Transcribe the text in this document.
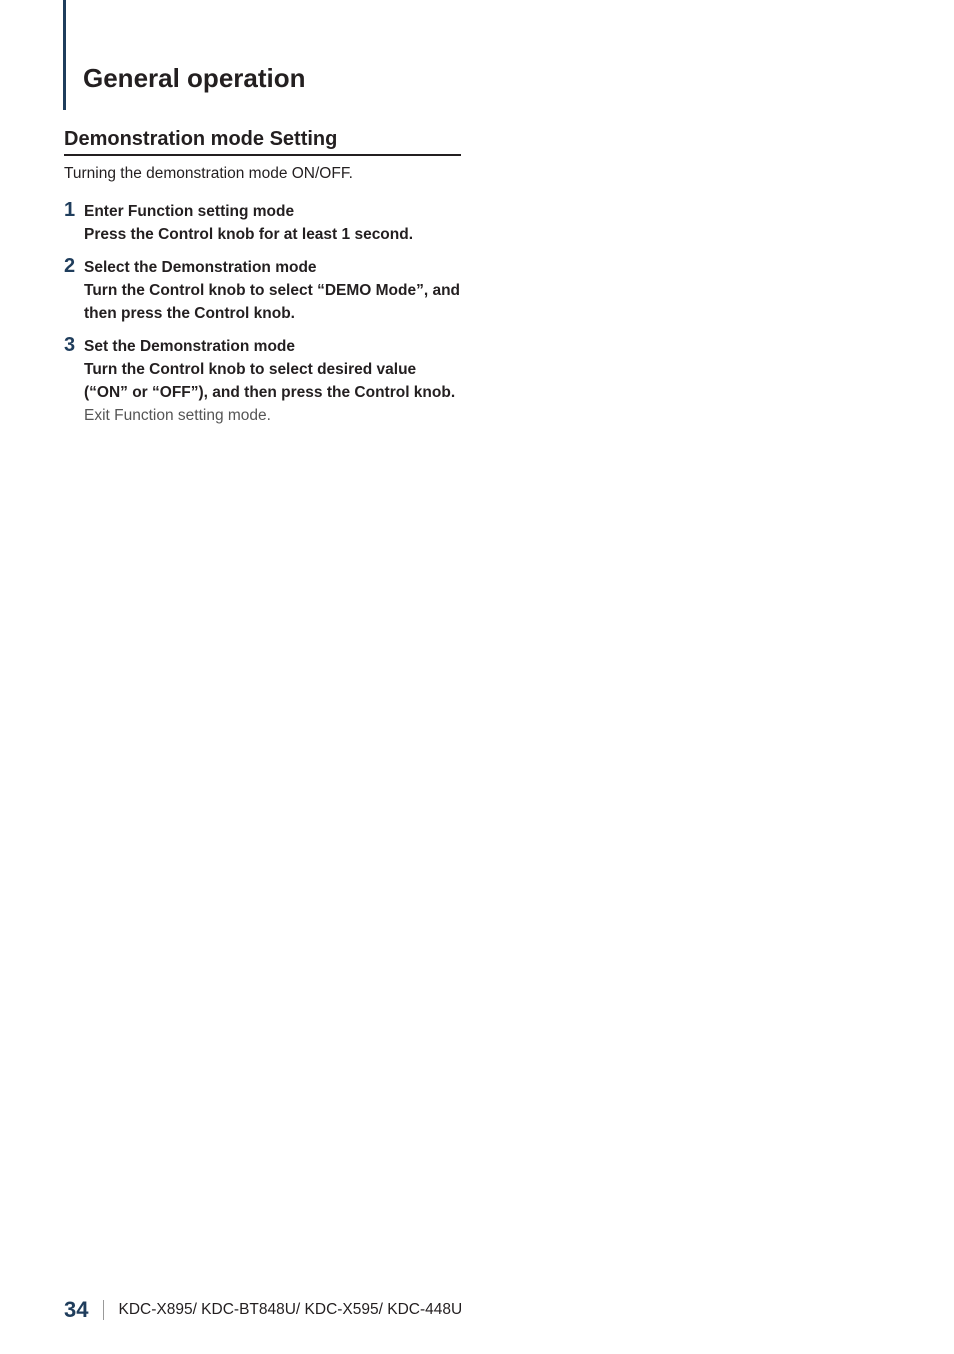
General operation
Demonstration mode Setting

Turning the demonstration mode ON/OFF.

1 Enter Function setting mode
Press the Control knob for at least 1 second.
2 Select the Demonstration mode
Turn the Control knob to select “DEMO Mode”, and then press the Control knob.
3 Set the Demonstration mode
Turn the Control knob to select desired value (“ON” or “OFF”), and then press the Control knob.
Exit Function setting mode.
34 KDC-X895/ KDC-BT848U/ KDC-X595/ KDC-448U
